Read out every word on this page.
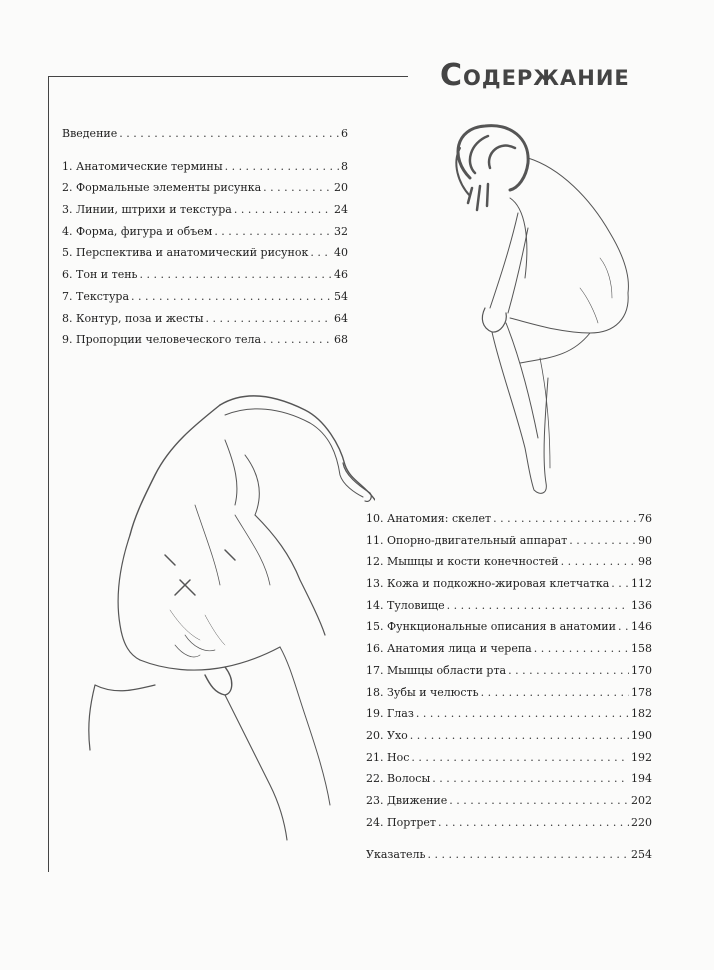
Содержание
Введение . . .	6
1. Анатомические термины . . .	8
2. Формальные элементы рисунка . . .	20
3. Линии, штрихи и текстура . . .	24
4. Форма, фигура и объем . . .	32
5. Перспектива и анатомический рисунок . . . 40
6. Тон и тень . . .	46
7. Текстура . . .	54
8. Контур, поза и жесты . . .	64
9. Пропорции человеческого тела . . .	68
10. Анатомия: скелет . . .	76
11. Опорно-двигательный аппарат . . .	90
12. Мышцы и кости конечностей . . .	98
13. Кожа и подкожно-жировая клетчатка . . . 112
14. Туловище . . .	136
15. Функциональные описания в анатомии . . . 146
16. Анатомия лица и черепа . . .	158
17. Мышцы области рта . . .	170
18. Зубы и челюсть . . .	178
19. Глаз . . .	182
20. Ухо . . .	190
21. Нос . . .	192
22. Волосы . . .	194
23. Движение . . .	202
24. Портрет . . .	220
Указатель . . .	254
